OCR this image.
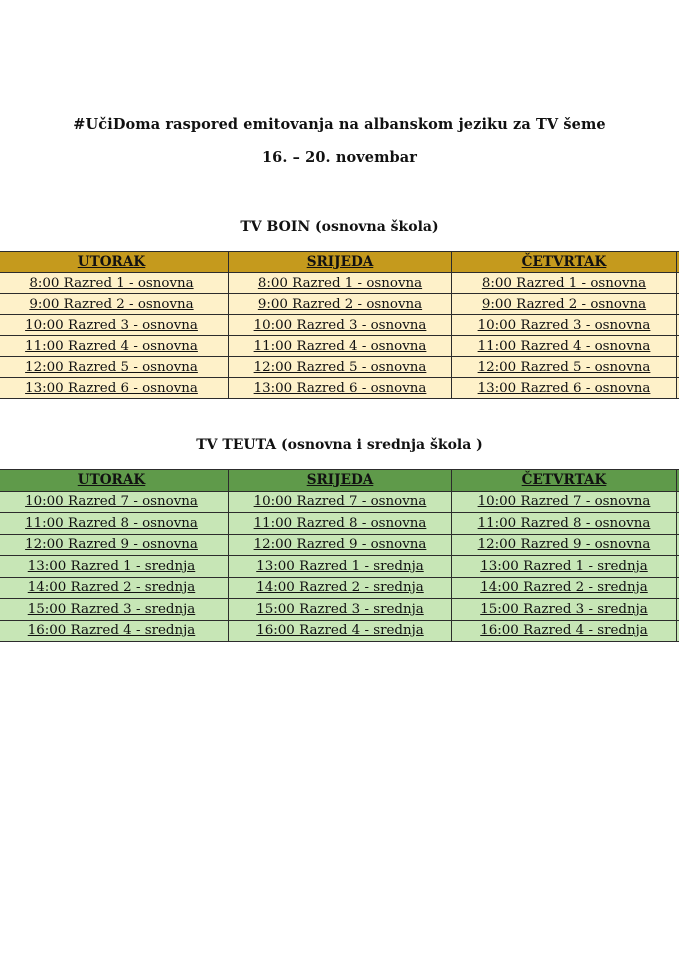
#UčiDoma raspored emitovanja na albanskom jeziku za TV šeme
16. – 20. novembar
TV BOIN (osnovna škola)
UTORAK	SRIJEDA	ČETVRTAK	
8:00 Razred 1 - osnovna	8:00 Razred 1 - osnovna	8:00 Razred 1 - osnovna	
9:00 Razred 2 - osnovna	9:00 Razred 2 - osnovna	9:00 Razred 2 - osnovna	
10:00 Razred 3 - osnovna	10:00 Razred 3 - osnovna	10:00 Razred 3 - osnovna	
11:00 Razred 4 - osnovna	11:00 Razred 4 - osnovna	11:00 Razred 4 - osnovna	
12:00 Razred 5 - osnovna	12:00 Razred 5 - osnovna	12:00 Razred 5 - osnovna	
13:00 Razred 6 - osnovna	13:00 Razred 6 - osnovna	13:00 Razred 6 - osnovna	
TV TEUTA (osnovna i srednja škola )
UTORAK	SRIJEDA	ČETVRTAK	
10:00 Razred 7 - osnovna	10:00 Razred 7 - osnovna	10:00 Razred 7 - osnovna	
11:00 Razred 8 - osnovna	11:00 Razred 8 - osnovna	11:00 Razred 8 - osnovna	
12:00 Razred 9 - osnovna	12:00 Razred 9 - osnovna	12:00 Razred 9 - osnovna	
13:00 Razred 1 - srednja	13:00 Razred 1 - srednja	13:00 Razred 1 - srednja	
14:00 Razred 2 - srednja	14:00 Razred 2 - srednja	14:00 Razred 2 - srednja	
15:00 Razred 3 - srednja	15:00 Razred 3 - srednja	15:00 Razred 3 - srednja	
16:00 Razred 4 - srednja	16:00 Razred 4 - srednja	16:00 Razred 4 - srednja	
